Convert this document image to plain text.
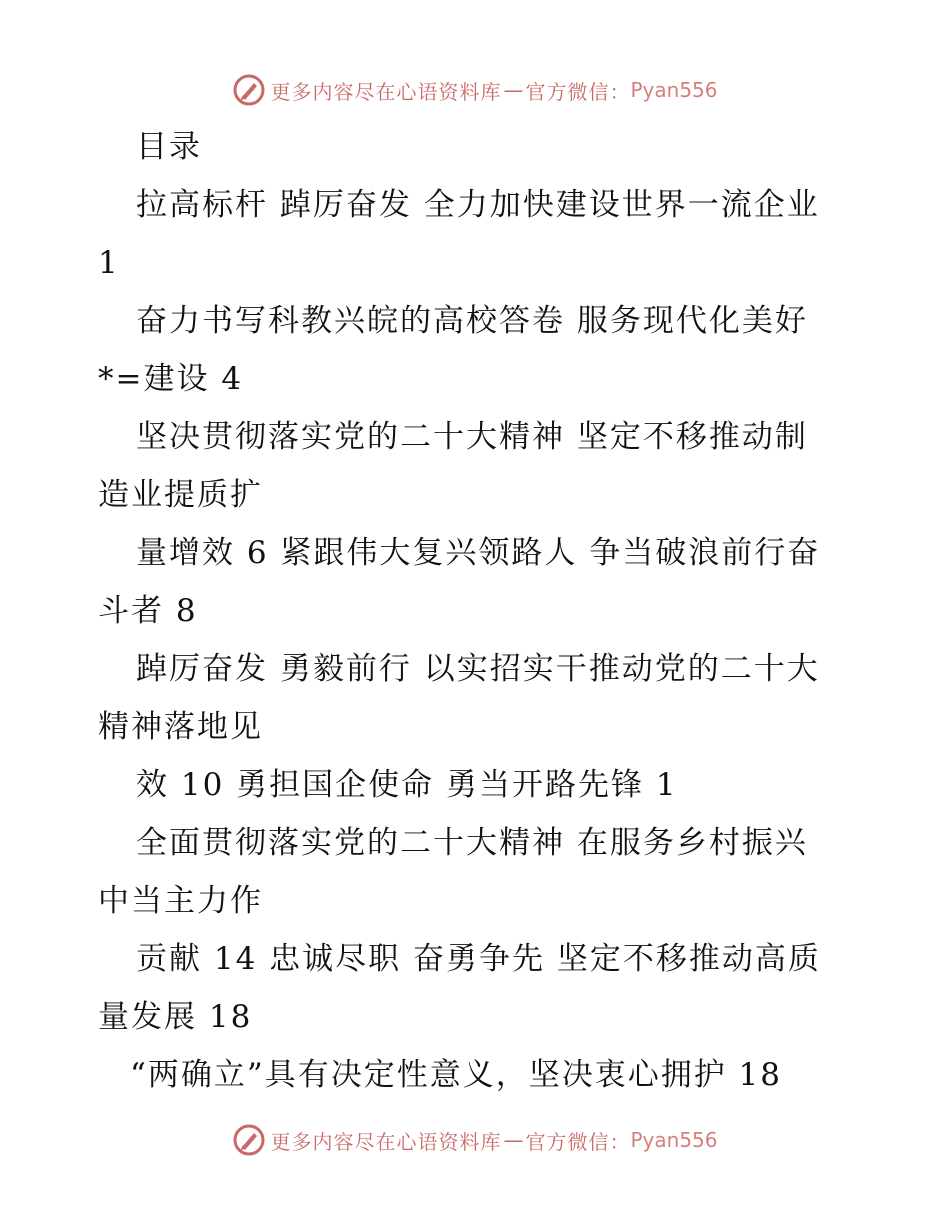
更多内容尽在心语资料库 — 官方微信： Pyan556
目录
拉高标杆 踔厉奋发 全力加快建设世界一流企业
1
奋力书写科教兴皖的高校答卷 服务现代化美好
*=建设 4
坚决贯彻落实党的二十大精神 坚定不移推动制
造业提质扩
量增效 6 紧跟伟大复兴领路人 争当破浪前行奋
斗者 8
踔厉奋发 勇毅前行 以实招实干推动党的二十大
精神落地见
效 10 勇担国企使命 勇当开路先锋 1
全面贯彻落实党的二十大精神 在服务乡村振兴
中当主力作
贡献 14 忠诚尽职 奋勇争先 坚定不移推动高质
量发展 18
“两确立”具有决定性意义，坚决衷心拥护 18
更多内容尽在心语资料库 — 官方微信： Pyan556
